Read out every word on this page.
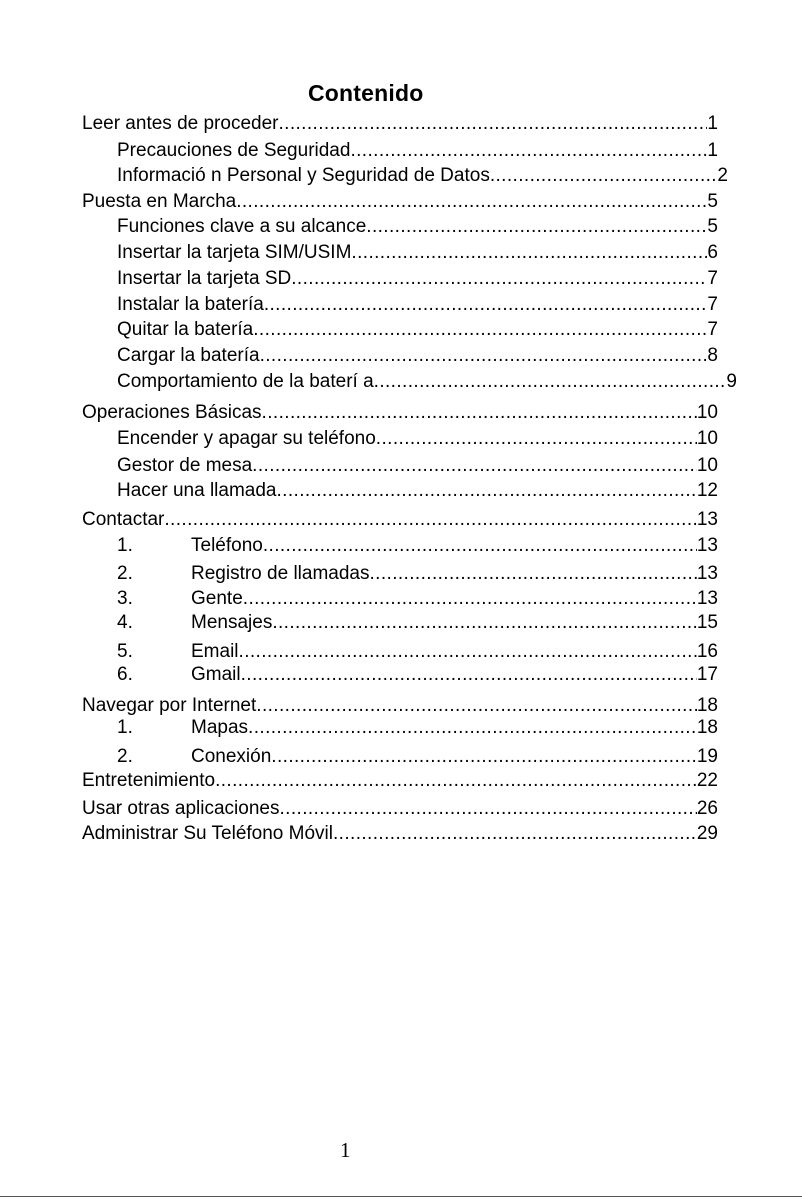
Contenido
Leer antes de proceder .....	1
Precauciones de Seguridad .....	1
Informació n Personal y Seguridad de Datos .....	2
Puesta en Marcha .....	5
Funciones clave a su alcance .....	5
Insertar la tarjeta SIM/USIM .....	6
Insertar la tarjeta SD .....	7
Instalar la batería .....	7
Quitar la batería .....	7
Cargar la batería .....	8
Comportamiento de la baterí a .....	9
Operaciones Básicas .....	10
Encender y apagar su teléfono .....	10
Gestor de mesa .....	10
Hacer una llamada .....	12
Contactar .....	13
1.	Teléfono .....	13
2.	Registro de llamadas .....	13
3.	Gente .....	13
4.	Mensajes .....	15
5.	Email .....	16
6.	Gmail .....	17
Navegar por Internet .....	18
1.	Mapas .....	18
2.	Conexión .....	19
Entretenimiento .....	22
Usar otras aplicaciones .....	26
Administrar Su Teléfono Móvil .....	29
1
